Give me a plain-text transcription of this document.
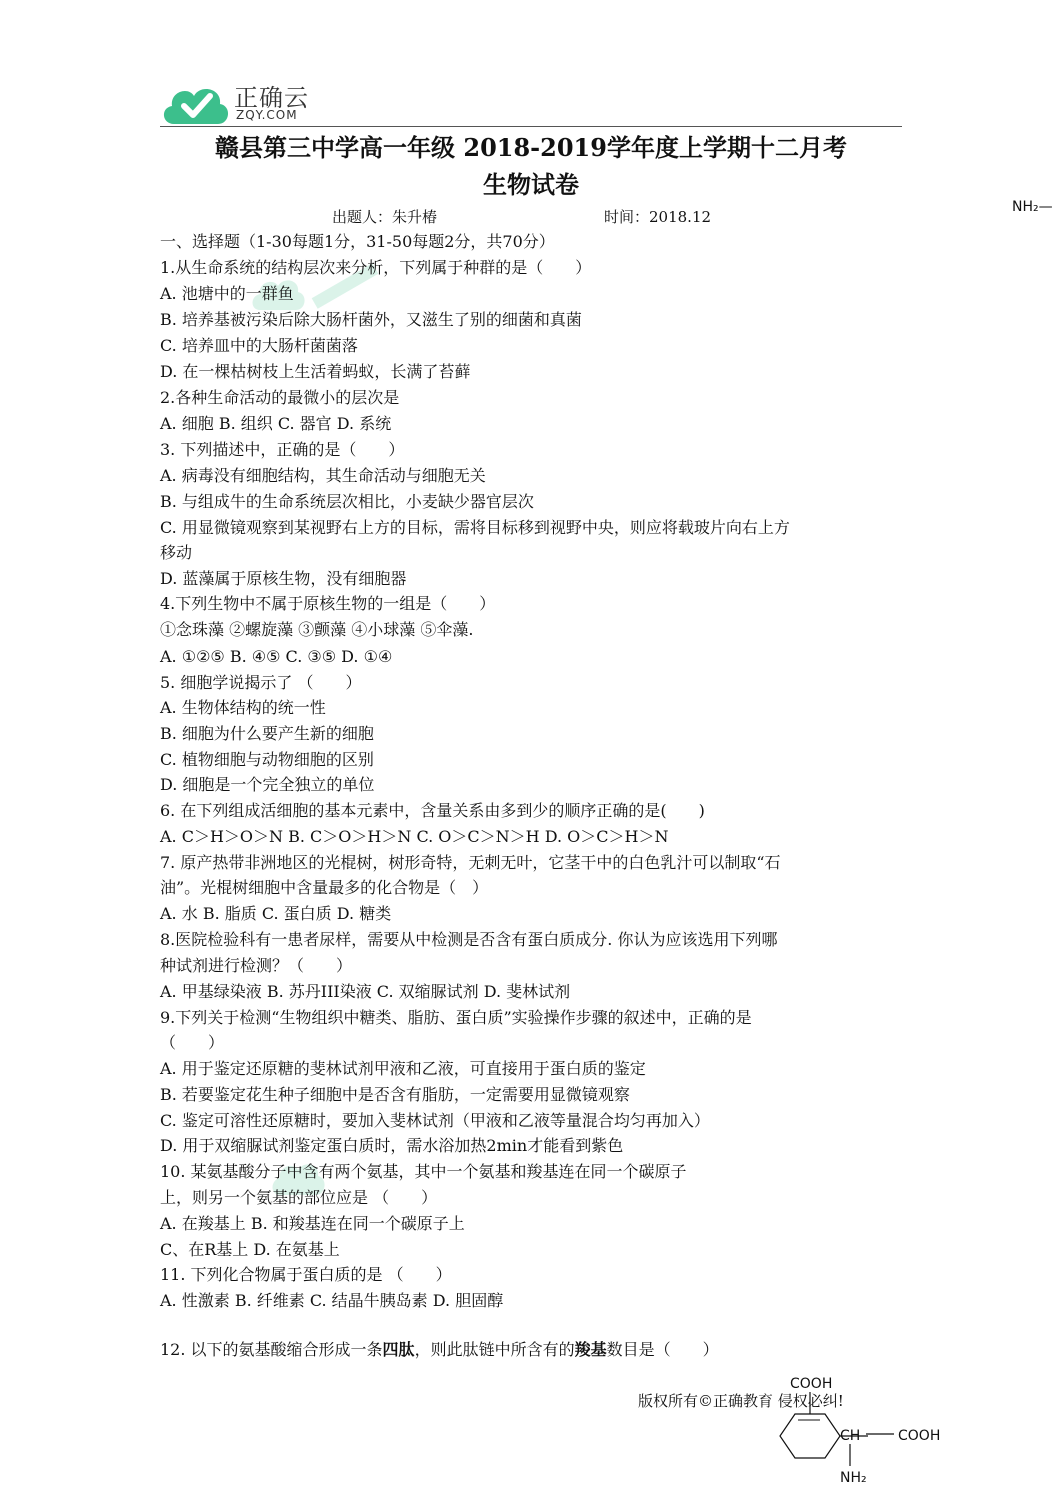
正确云
ZQY.COM
赣县第三中学高一年级 2018-2019学年度上学期十二月考
生物试卷
出题人：朱升椿	时间：2018.12
NH₂—
一、选择题（1-30每题1分，31-50每题2分，共70分）
1.从生命系统的结构层次来分析，下列属于种群的是（　　）
A. 池塘中的一群鱼
B. 培养基被污染后除大肠杆菌外，又滋生了别的细菌和真菌
C. 培养皿中的大肠杆菌菌落
D. 在一棵枯树枝上生活着蚂蚁，长满了苔藓
2.各种生命活动的最微小的层次是
A. 细胞 B. 组织 C. 器官 D. 系统
3. 下列描述中，正确的是（　　）
A. 病毒没有细胞结构，其生命活动与细胞无关
B. 与组成牛的生命系统层次相比，小麦缺少器官层次
C. 用显微镜观察到某视野右上方的目标，需将目标移到视野中央，则应将载玻片向右上方
移动
D. 蓝藻属于原核生物，没有细胞器
4.下列生物中不属于原核生物的一组是（　　）
①念珠藻 ②螺旋藻 ③颤藻 ④小球藻 ⑤伞藻.
A. ①②⑤ B. ④⑤ C. ③⑤ D. ①④
5. 细胞学说揭示了 （　　）
A. 生物体结构的统一性
B. 细胞为什么要产生新的细胞
C. 植物细胞与动物细胞的区别
D. 细胞是一个完全独立的单位
6. 在下列组成活细胞的基本元素中，含量关系由多到少的顺序正确的是(　　)
A. C＞H＞O＞N B. C＞O＞H＞N C. O＞C＞N＞H D. O＞C＞H＞N
7. 原产热带非洲地区的光棍树，树形奇特，无刺无叶，它茎干中的白色乳汁可以制取“石
油”。光棍树细胞中含量最多的化合物是（　）
A. 水 B. 脂质 C. 蛋白质 D. 糖类
8.医院检验科有一患者尿样，需要从中检测是否含有蛋白质成分. 你认为应该选用下列哪
种试剂进行检测？（　　）
A. 甲基绿染液 B. 苏丹III染液 C. 双缩脲试剂 D. 斐林试剂
9.下列关于检测“生物组织中糖类、脂肪、蛋白质”实验操作步骤的叙述中，正确的是
（　　）
A. 用于鉴定还原糖的斐林试剂甲液和乙液，可直接用于蛋白质的鉴定
B. 若要鉴定花生种子细胞中是否含有脂肪，一定需要用显微镜观察
C. 鉴定可溶性还原糖时，要加入斐林试剂（甲液和乙液等量混合均匀再加入）
D. 用于双缩脲试剂鉴定蛋白质时，需水浴加热2min才能看到紫色
10. 某氨基酸分子中含有两个氨基，其中一个氨基和羧基连在同一个碳原子
上，则另一个氨基的部位应是 （　　）
A. 在羧基上 B. 和羧基连在同一个碳原子上
C、在R基上 D. 在氨基上
11. 下列化合物属于蛋白质的是 （　　）
A. 性激素 B. 纤维素 C. 结晶牛胰岛素 D. 胆固醇
12. 以下的氨基酸缩合形成一条四肽，则此肽链中所含有的羧基数目是（　　）
版权所有©正确教育 侵权必纠!
COOH
CH	COOH
NH₂
